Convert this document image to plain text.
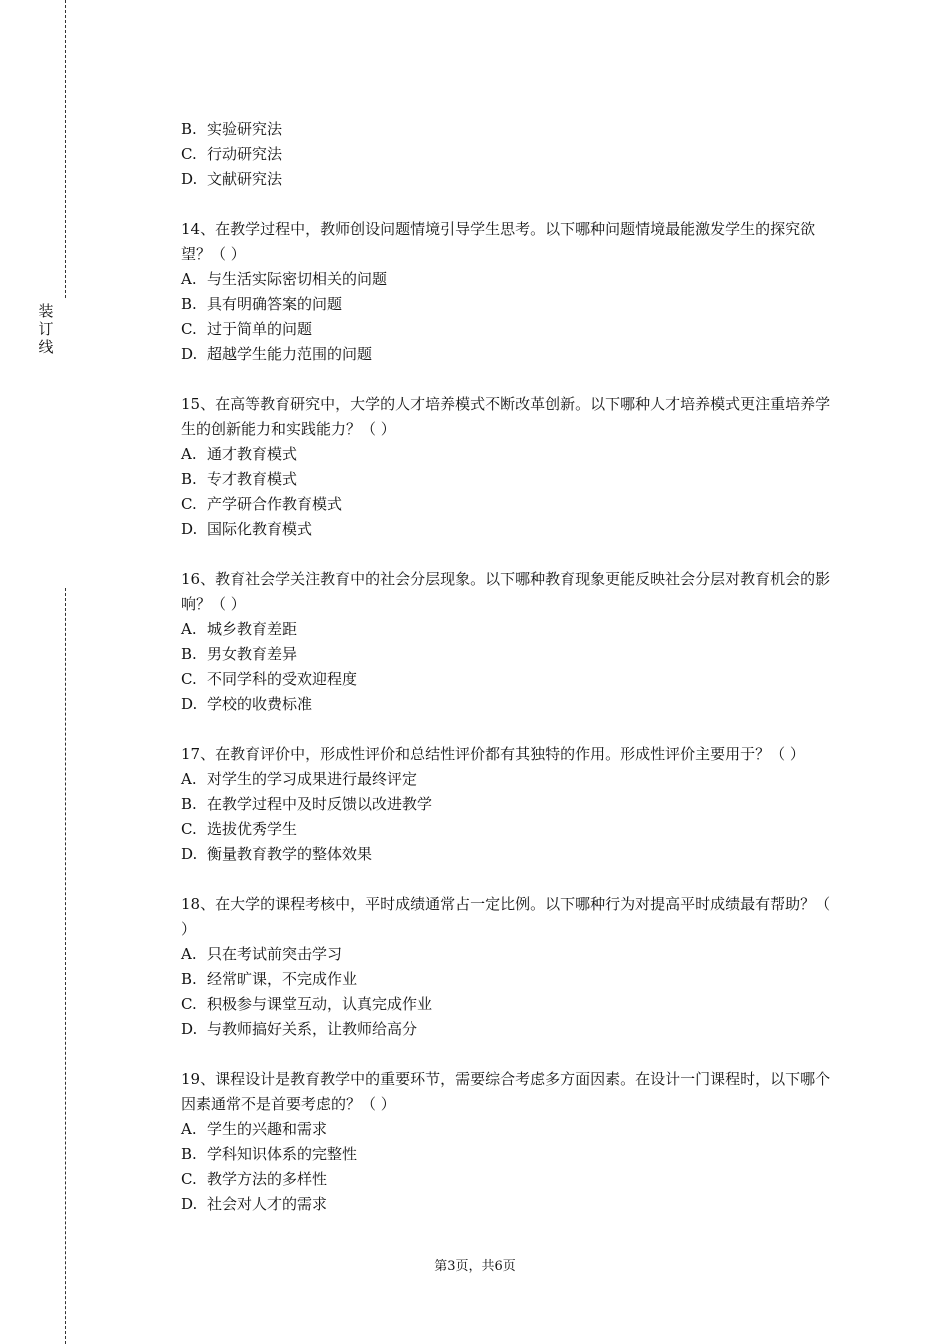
装
订
线
B. 实验研究法
C. 行动研究法
D. 文献研究法

14、在教学过程中，教师创设问题情境引导学生思考。以下哪种问题情境最能激发学生的探究欲望？（ ）

A. 与生活实际密切相关的问题
B. 具有明确答案的问题
C. 过于简单的问题
D. 超越学生能力范围的问题

15、在高等教育研究中，大学的人才培养模式不断改革创新。以下哪种人才培养模式更注重培养学生的创新能力和实践能力？（ ）

A. 通才教育模式
B. 专才教育模式
C. 产学研合作教育模式
D. 国际化教育模式

16、教育社会学关注教育中的社会分层现象。以下哪种教育现象更能反映社会分层对教育机会的影响？（ ）

A. 城乡教育差距
B. 男女教育差异
C. 不同学科的受欢迎程度
D. 学校的收费标准

17、在教育评价中，形成性评价和总结性评价都有其独特的作用。形成性评价主要用于？（ ）

A. 对学生的学习成果进行最终评定
B. 在教学过程中及时反馈以改进教学
C. 选拔优秀学生
D. 衡量教育教学的整体效果

18、在大学的课程考核中，平时成绩通常占一定比例。以下哪种行为对提高平时成绩最有帮助？（ ）

A. 只在考试前突击学习
B. 经常旷课，不完成作业
C. 积极参与课堂互动，认真完成作业
D. 与教师搞好关系，让教师给高分

19、课程设计是教育教学中的重要环节，需要综合考虑多方面因素。在设计一门课程时，以下哪个因素通常不是首要考虑的？（ ）

A. 学生的兴趣和需求
B. 学科知识体系的完整性
C. 教学方法的多样性
D. 社会对人才的需求
第3页，共6页
